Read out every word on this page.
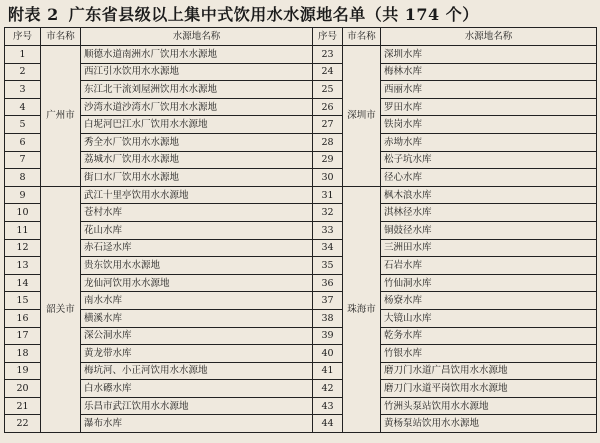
附表 2 广东省县级以上集中式饮用水水源地名单（共 174 个）
序号	市名称	水源地名称	序号	市名称	水源地名称
1	广州市	顺德水道南洲水厂饮用水水源地	23	深圳市	深圳水库
2		西江引水饮用水水源地	24		梅林水库
3		东江北干流刘屋洲饮用水水源地	25		西丽水库
4		沙湾水道沙湾水厂饮用水水源地	26		罗田水库
5		白坭河巴江水厂饮用水水源地	27		铁岗水库
6		秀全水厂饮用水水源地	28		赤坳水库
7		荔城水厂饮用水水源地	29		松子坑水库
8		街口水厂饮用水水源地	30		径心水库
9	韶关市	武江十里亭饮用水水源地	31	珠海市	枫木浪水库
10		苍村水库	32		淇林径水库
11		花山水库	33		铜鼓径水库
12		赤石迳水库	34		三洲田水库
13		贵东饮用水水源地	35		石岩水库
14		龙仙河饮用水水源地	36		竹仙洞水库
15		南水水库	37		杨寮水库
16		横溪水库	38		大镜山水库
17		深公洞水库	39		乾务水库
18		黄龙带水库	40		竹银水库
19		梅坑河、小正河饮用水水源地	41		磨刀门水道广昌饮用水水源地
20		白水礤水库	42		磨刀门水道平岗饮用水水源地
21		乐昌市武江饮用水水源地	43		竹洲头泵站饮用水水源地
22		瀑布水库	44		黄杨泵站饮用水水源地
